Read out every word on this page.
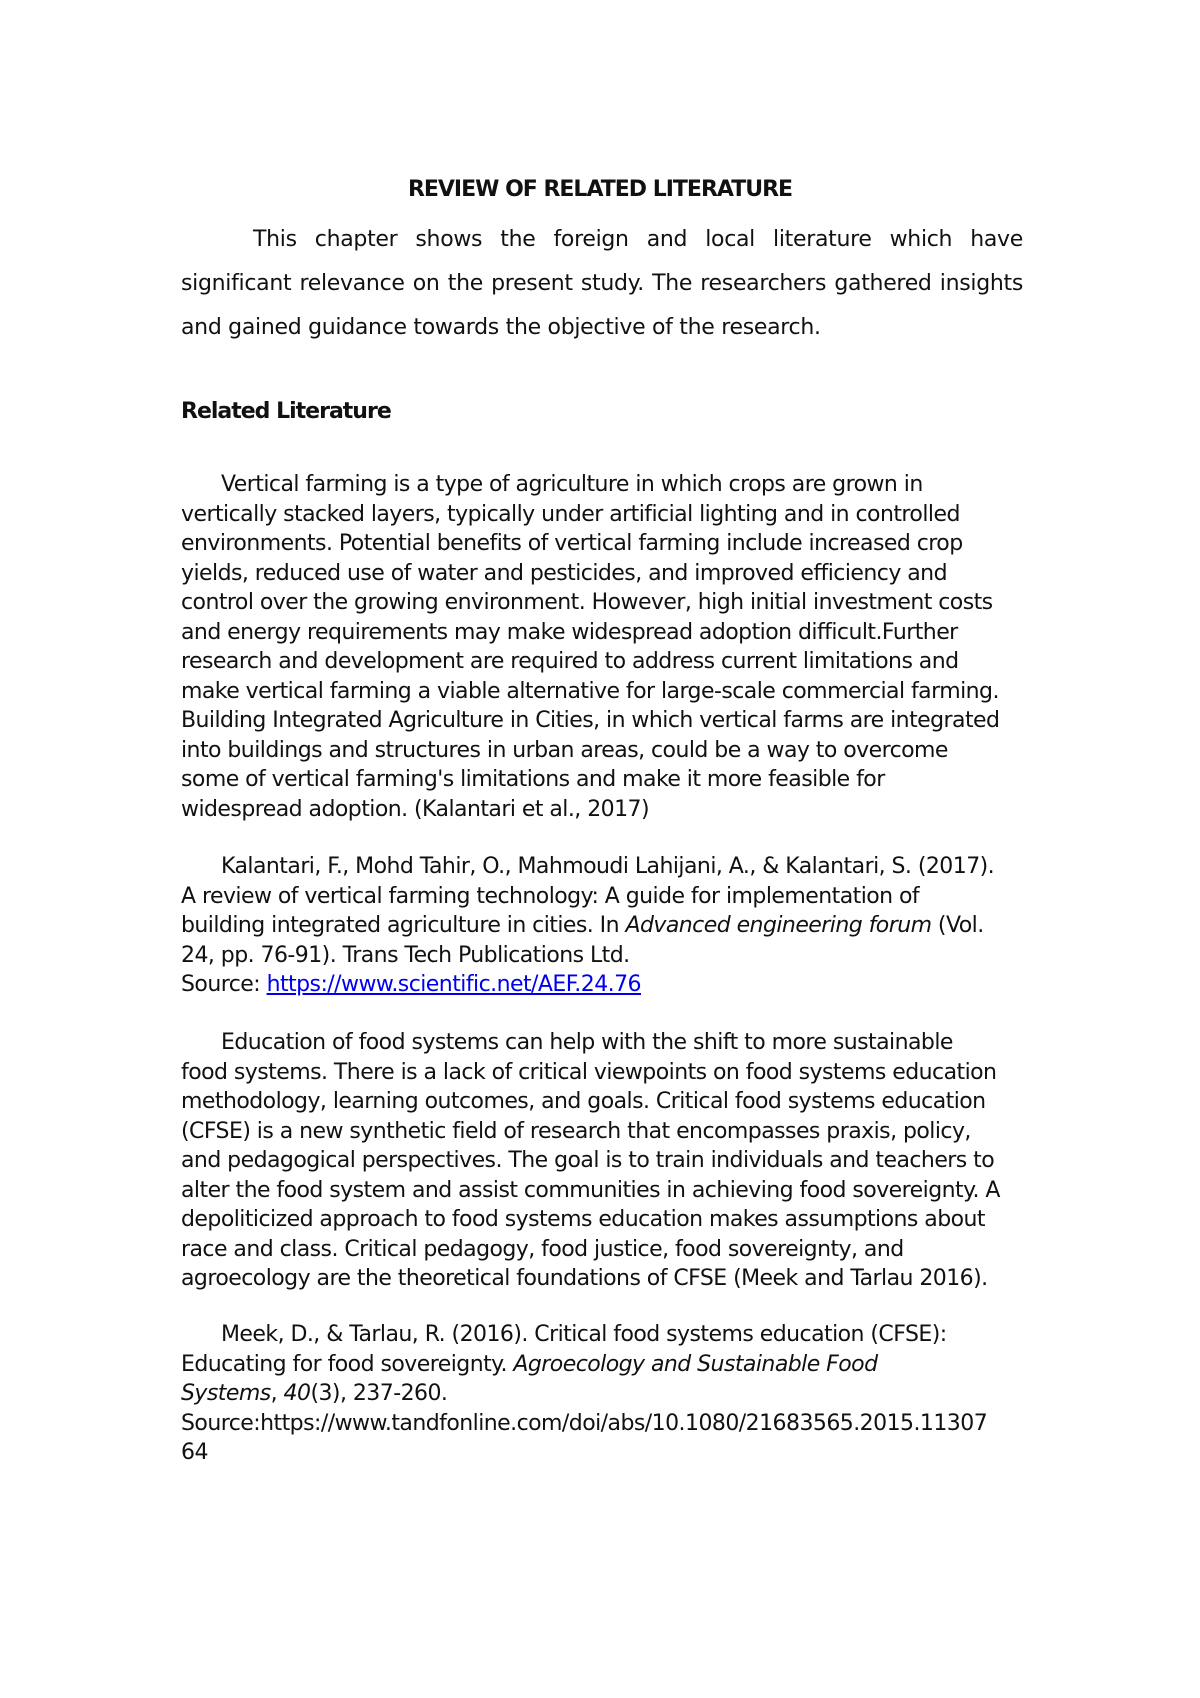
REVIEW OF RELATED LITERATURE

This chapter shows the foreign and local literature which have significant relevance on the present study. The researchers gathered insights and gained guidance towards the objective of the research.

Related Literature
Vertical farming is a type of agriculture in which crops are grown in
vertically stacked layers, typically under artificial lighting and in controlled
environments. Potential benefits of vertical farming include increased crop
yields, reduced use of water and pesticides, and improved efficiency and
control over the growing environment. However, high initial investment costs
and energy requirements may make widespread adoption difficult.Further
research and development are required to address current limitations and
make vertical farming a viable alternative for large-scale commercial farming.
Building Integrated Agriculture in Cities, in which vertical farms are integrated
into buildings and structures in urban areas, could be a way to overcome
some of vertical farming's limitations and make it more feasible for
widespread adoption. (Kalantari et al., 2017)
Kalantari, F., Mohd Tahir, O., Mahmoudi Lahijani, A., & Kalantari, S. (2017).
A review of vertical farming technology: A guide for implementation of
building integrated agriculture in cities. In Advanced engineering forum (Vol.
24, pp. 76-91). Trans Tech Publications Ltd.
Source: https://www.scientific.net/AEF.24.76
Education of food systems can help with the shift to more sustainable
food systems. There is a lack of critical viewpoints on food systems education
methodology, learning outcomes, and goals. Critical food systems education
(CFSE) is a new synthetic field of research that encompasses praxis, policy,
and pedagogical perspectives. The goal is to train individuals and teachers to
alter the food system and assist communities in achieving food sovereignty. A
depoliticized approach to food systems education makes assumptions about
race and class. Critical pedagogy, food justice, food sovereignty, and
agroecology are the theoretical foundations of CFSE (Meek and Tarlau 2016).
Meek, D., & Tarlau, R. (2016). Critical food systems education (CFSE):
Educating for food sovereignty. Agroecology and Sustainable Food
Systems, 40(3), 237-260.
Source:https://www.tandfonline.com/doi/abs/10.1080/21683565.2015.11307
64
